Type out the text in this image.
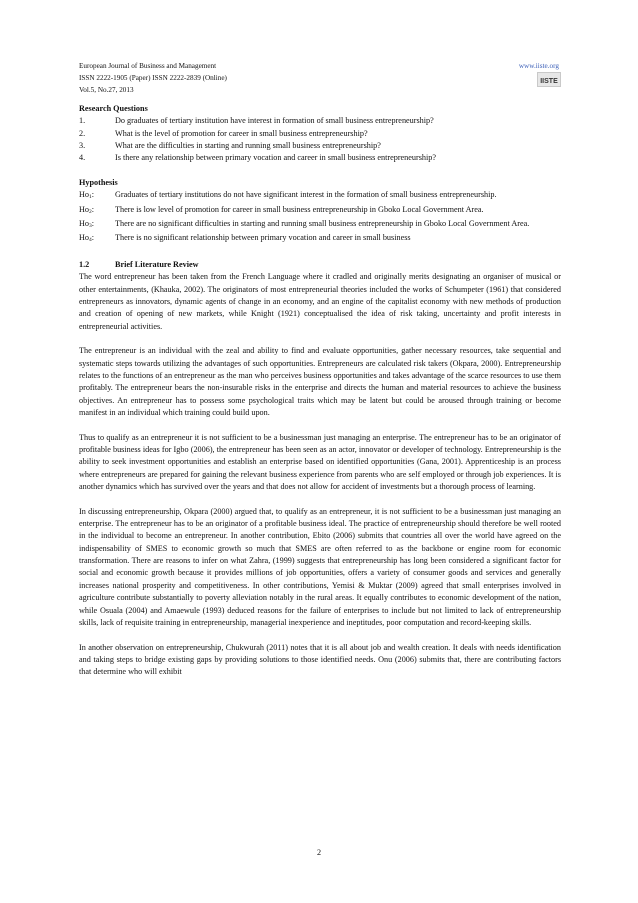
European Journal of Business and Management	www.iiste.org
ISSN 2222-1905 (Paper) ISSN 2222-2839 (Online)
Vol.5, No.27, 2013
IISTE
Research Questions
1.	Do graduates of tertiary institution have interest in formation of small business entrepreneurship?
2.	What is the level of promotion for career in small business entrepreneurship?
3.	What are the difficulties in starting and running small business entrepreneurship?
4.	Is there any relationship between primary vocation and career in small business entrepreneurship?
Hypothesis
Ho1:	Graduates of tertiary institutions do not have significant interest in the formation of small business entrepreneurship.
Ho2:	There is low level of promotion for career in small business entrepreneurship in Gboko Local Government Area.
Ho3:	There are no significant difficulties in starting and running small business entrepreneurship in Gboko Local Government Area.
Ho4:	There is no significant relationship between primary vocation and career in small business
1.2	Brief Literature Review

The word entrepreneur has been taken from the French Language where it cradled and originally merits designating an organiser of musical or other entertainments, (Khauka, 2002). The originators of most entrepreneurial theories included the works of Schumpeter (1961) that considered entrepreneurs as innovators, dynamic agents of change in an economy, and an engine of the capitalist economy with new methods of production and creation of opening of new markets, while Knight (1921) conceptualised the idea of risk taking, uncertainty and profit interests in entrepreneurial activities.

The entrepreneur is an individual with the zeal and ability to find and evaluate opportunities, gather necessary resources, take sequential and systematic steps towards utilizing the advantages of such opportunities. Entrepreneurs are calculated risk takers (Okpara, 2000). Entrepreneurship relates to the functions of an entrepreneur as the man who perceives business opportunities and takes advantage of the scarce resources to use them profitably. The entrepreneur bears the non-insurable risks in the enterprise and directs the human and material resources to achieve the business objectives. An entrepreneur has to possess some psychological traits which may be latent but could be aroused through training or become manifest in an individual which training could build upon.

Thus to qualify as an entrepreneur it is not sufficient to be a businessman just managing an enterprise. The entrepreneur has to be an originator of profitable business ideas for Igbo (2006), the entrepreneur has been seen as an actor, innovator or developer of technology. Entrepreneurship is the ability to seek investment opportunities and establish an enterprise based on identified opportunities (Gana, 2001). Apprenticeship is an process where entrepreneurs are prepared for gaining the relevant business experience from parents who are self employed or through job experiences. It is another dynamics which has survived over the years and that does not allow for accident of investments but a thorough process of learning.

In discussing entrepreneurship, Okpara (2000) argued that, to qualify as an entrepreneur, it is not sufficient to be a businessman just managing an enterprise. The entrepreneur has to be an originator of a profitable business ideal. The practice of entrepreneurship should therefore be well rooted in the individual to become an entrepreneur. In another contribution, Ebito (2006) submits that countries all over the world have agreed on the indispensability of SMES to economic growth so much that SMES are often referred to as the backbone or engine room for economic transformation. There are reasons to infer on what Zahra, (1999) suggests that entrepreneurship has long been considered a significant factor for social and economic growth because it provides millions of job opportunities, offers a variety of consumer goods and services and generally increases national prosperity and competitiveness. In other contributions, Yemisi & Muktar (2009) agreed that small enterprises involved in agriculture contribute substantially to poverty alleviation notably in the rural areas. It equally contributes to economic development of the nation, while Osuala (2004) and Amaewule (1993) deduced reasons for the failure of enterprises to include but not limited to lack of entrepreneurship skills, lack of requisite training in entrepreneurship, managerial inexperience and ineptitudes, poor computation and record-keeping skills.

In another observation on entrepreneurship, Chukwurah (2011) notes that it is all about job and wealth creation. It deals with needs identification and taking steps to bridge existing gaps by providing solutions to those identified needs. Onu (2006) submits that, there are contributing factors that determine who will exhibit

2
